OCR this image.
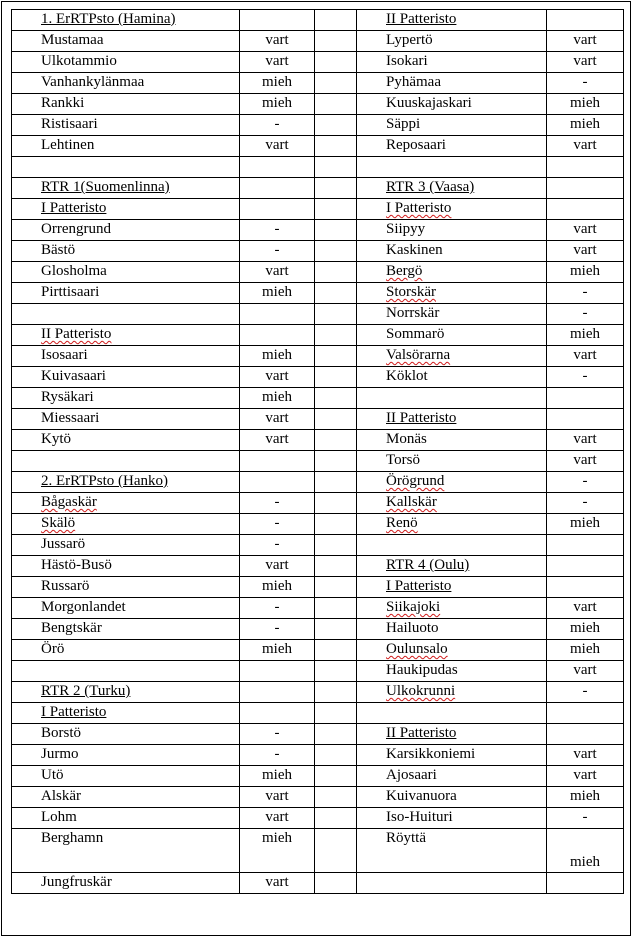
1. ErRTPsto (Hamina)			II Patteristo	
Mustamaa	vart		Lypertö	vart
Ulkotammio	vart		Isokari	vart
Vanhankylänmaa	mieh		Pyhämaa	-
Rankki	mieh		Kuuskajaskari	mieh
Ristisaari	-		Säppi	mieh
Lehtinen	vart		Reposaari	vart

RTR 1(Suomenlinna)			RTR 3 (Vaasa)	
I Patteristo			I Patteristo	
Orrengrund	-		Siipyy	vart
Bästö	-		Kaskinen	vart
Glosholma	vart		Bergö	mieh
Pirttisaari	mieh		Storskär	-
			Norrskär	-
II Patteristo			Sommarö	mieh
Isosaari	mieh		Valsörarna	vart
Kuivasaari	vart		Köklot	-
Rysäkari	mieh			
Miessaari	vart		II Patteristo	
Kytö	vart		Monäs	vart
			Torsö	vart
2. ErRTPsto (Hanko)			Örögrund	-
Bågaskär	-		Kallskär	-
Skälö	-		Renö	mieh
Jussarö	-			
Hästö-Busö	vart		RTR 4 (Oulu)	
Russarö	mieh		I Patteristo	
Morgonlandet	-		Siikajoki	vart
Bengtskär	-		Hailuoto	mieh
Örö	mieh		Oulunsalo	mieh
			Haukipudas	vart
RTR 2 (Turku)			Ulkokrunni	-
I Patteristo				
Borstö	-		II Patteristo	
Jurmo	-		Karsikkoniemi	vart
Utö	mieh		Ajosaari	vart
Alskär	vart		Kuivanuora	mieh
Lohm	vart		Iso-Huituri	-
Berghamn	mieh		Röyttä	mieh
Jungfruskär	vart			
